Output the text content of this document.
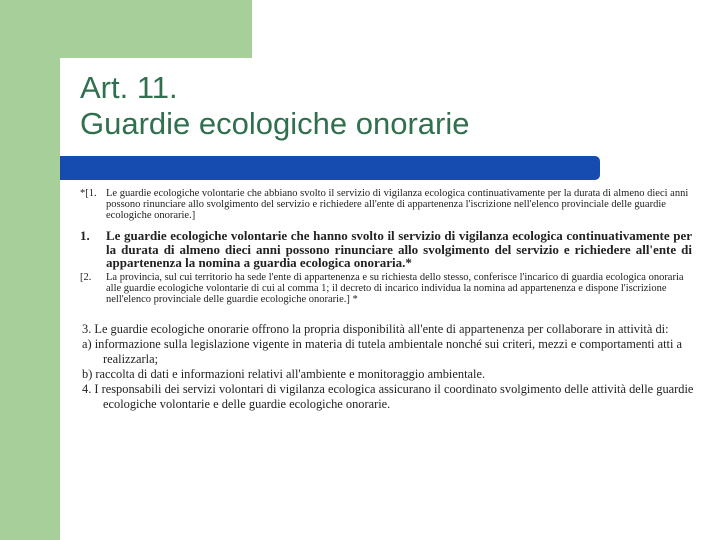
Art. 11.
Guardie ecologiche onorarie
*[1. Le guardie ecologiche volontarie che abbiano svolto il servizio di vigilanza ecologica continuativamente per la durata di almeno dieci anni possono rinunciare allo svolgimento del servizio e richiedere all'ente di appartenenza l'iscrizione nell'elenco provinciale delle guardie ecologiche onorarie.]
1.	Le guardie ecologiche volontarie che hanno svolto il servizio di vigilanza ecologica continuativamente per la durata di almeno dieci anni possono rinunciare allo svolgimento del servizio e richiedere all'ente di appartenenza la nomina a guardia ecologica onoraria.*
[2.	La provincia, sul cui territorio ha sede l'ente di appartenenza e su richiesta dello stesso, conferisce l'incarico di guardia ecologica onoraria alle guardie ecologiche volontarie di cui al comma 1; il decreto di incarico individua la nomina ad appartenenza e dispone l'iscrizione nell'elenco provinciale delle guardie ecologiche onorarie.] *
3. Le guardie ecologiche onorarie offrono la propria disponibilità all'ente di appartenenza per collaborare in attività di:
a) informazione sulla legislazione vigente in materia di tutela ambientale nonché sui criteri, mezzi e comportamenti atti a realizzarla;
b) raccolta di dati e informazioni relativi all'ambiente e monitoraggio ambientale.
4. I responsabili dei servizi volontari di vigilanza ecologica assicurano il coordinato svolgimento delle attività delle guardie ecologiche volontarie e delle guardie ecologiche onorarie.
